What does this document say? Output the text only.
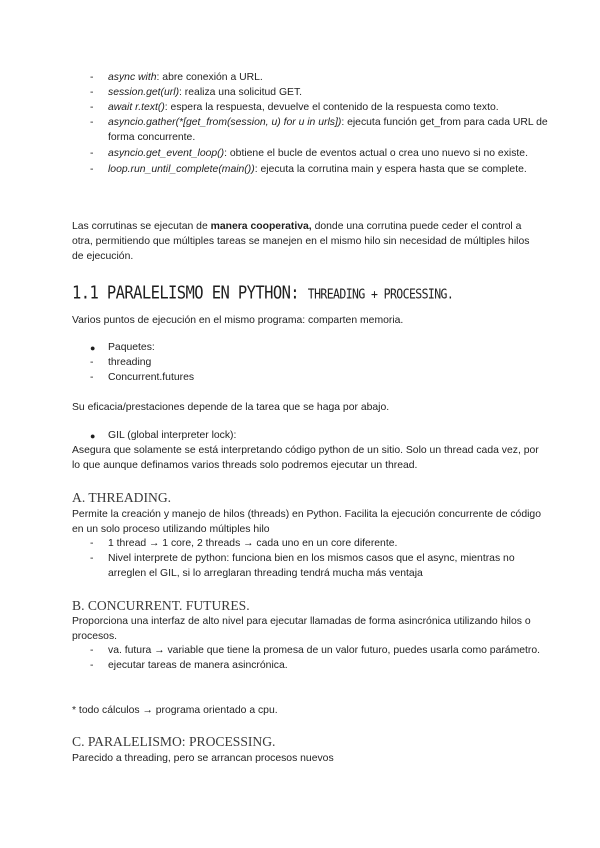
- async with: abre conexión a URL.
- session.get(url): realiza una solicitud GET.
- await r.text(): espera la respuesta, devuelve el contenido de la respuesta como texto.
- asyncio.gather(*[get_from(session, u) for u in urls]): ejecuta función get_from para cada URL de forma concurrente.
- asyncio.get_event_loop(): obtiene el bucle de eventos actual o crea uno nuevo si no existe.
- loop.run_until_complete(main()): ejecuta la corrutina main y espera hasta que se complete.

Las corrutinas se ejecutan de manera cooperativa, donde una corrutina puede ceder el control a otra, permitiendo que múltiples tareas se manejen en el mismo hilo sin necesidad de múltiples hilos de ejecución.

1.1 PARALELISMO EN PYTHON: THREADING + PROCESSING.

Varios puntos de ejecución en el mismo programa: comparten memoria.

● Paquetes:
- threading
- Concurrent.futures

Su eficacia/prestaciones depende de la tarea que se haga por abajo.

● GIL (global interpreter lock):

Asegura que solamente se está interpretando código python de un sitio. Solo un thread cada vez, por lo que aunque definamos varios threads solo podremos ejecutar un thread.

A. THREADING.

Permite la creación y manejo de hilos (threads) en Python. Facilita la ejecución concurrente de código en un solo proceso utilizando múltiples hilo

- 1 thread → 1 core, 2 threads → cada uno en un core diferente.
- Nivel interprete de python: funciona bien en los mismos casos que el async, mientras no arreglen el GIL, si lo arreglaran threading tendrá mucha más ventaja
B. CONCURRENT. FUTURES.

Proporciona una interfaz de alto nivel para ejecutar llamadas de forma asincrónica utilizando hilos o procesos.

- va. futura → variable que tiene la promesa de un valor futuro, puedes usarla como parámetro.
- ejecutar tareas de manera asincrónica.

* todo cálculos → programa orientado a cpu.

C. PARALELISMO: PROCESSING.

Parecido a threading, pero se arrancan procesos nuevos
